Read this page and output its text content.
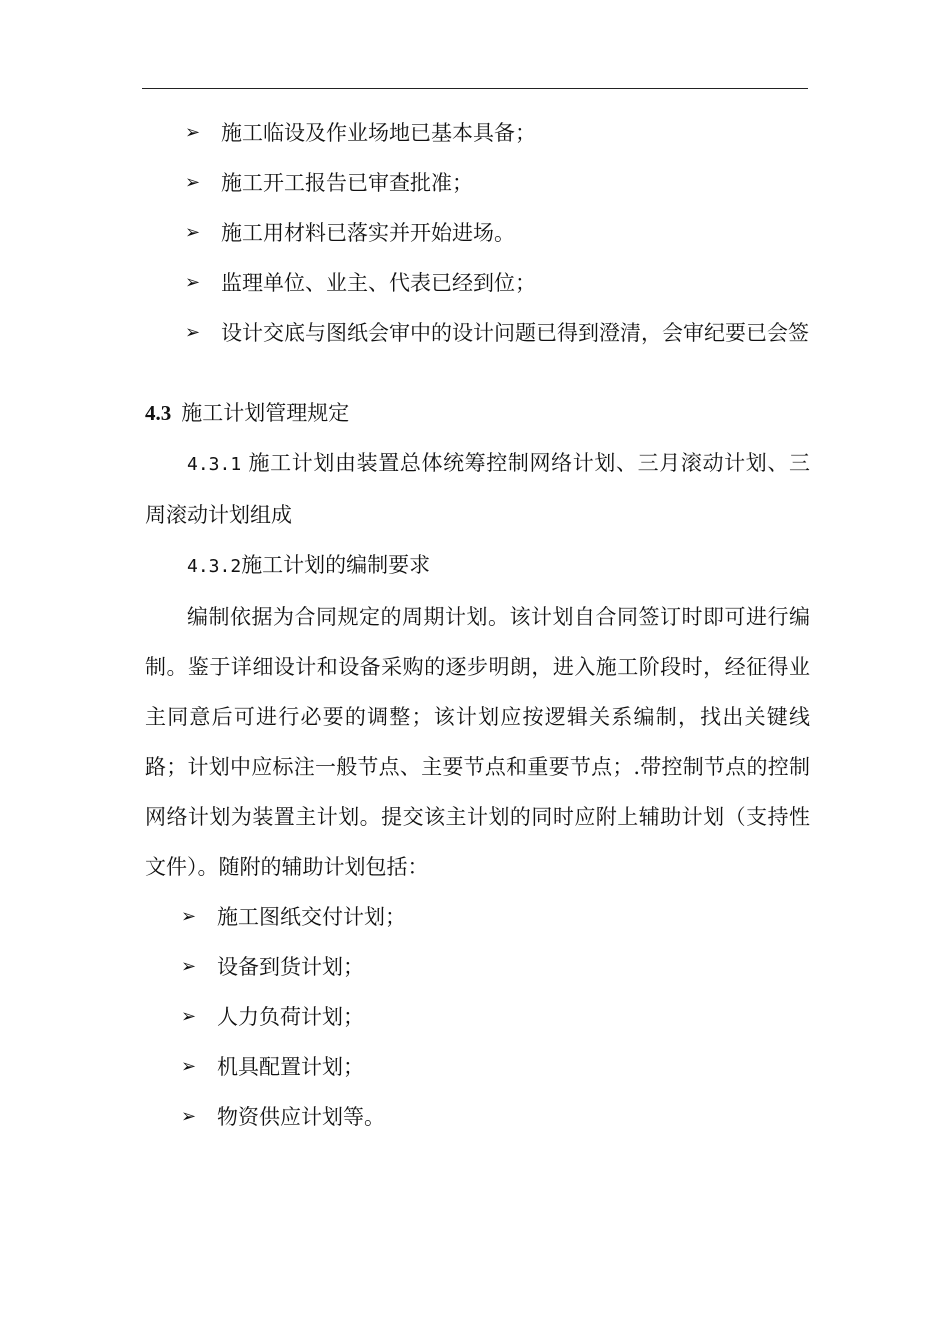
➢ 施工临设及作业场地已基本具备；
➢ 施工开工报告已审查批准；
➢ 施工用材料已落实并开始进场。
➢ 监理单位、业主、代表已经到位；
➢ 设计交底与图纸会审中的设计问题已得到澄清，会审纪要已会签
4.3 施工计划管理规定

4.3.1 施工计划由装置总体统筹控制网络计划、三月滚动计划、三周滚动计划组成

4.3.2施工计划的编制要求

编制依据为合同规定的周期计划。该计划自合同签订时即可进行编制。鉴于详细设计和设备采购的逐步明朗，进入施工阶段时，经征得业主同意后可进行必要的调整；该计划应按逻辑关系编制，找出关键线路；计划中应标注一般节点、主要节点和重要节点；.带控制节点的控制网络计划为装置主计划。提交该主计划的同时应附上辅助计划（支持性文件）。随附的辅助计划包括：

➢ 施工图纸交付计划；
➢ 设备到货计划；
➢ 人力负荷计划；
➢ 机具配置计划；
➢ 物资供应计划等。
